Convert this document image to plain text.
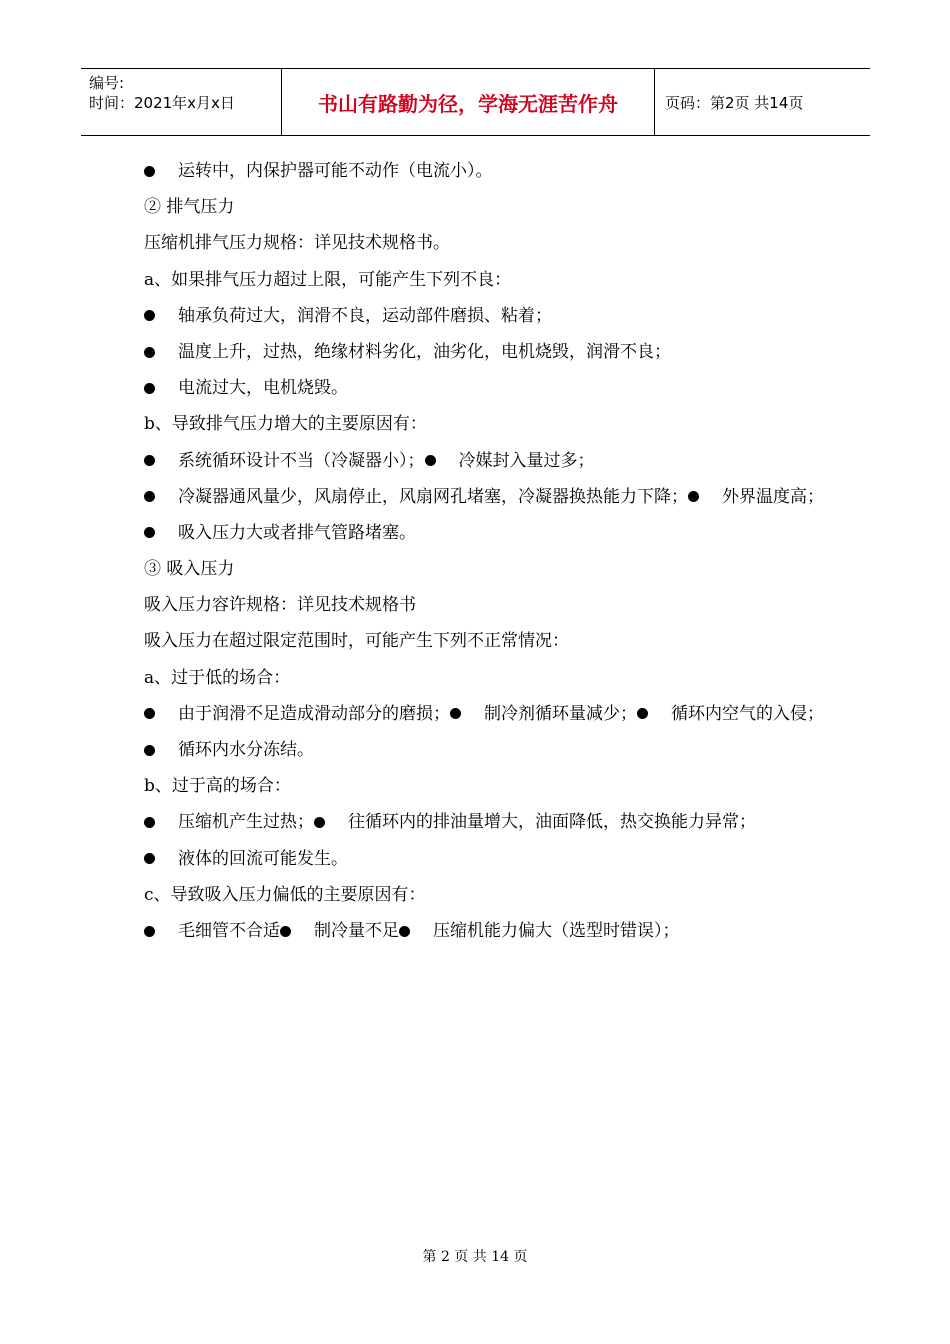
编号:
时间：2021年x月x日	书山有路勤为径，学海无涯苦作舟	页码：第2页 共14页
运转中，内保护器可能不动作（电流小）。
② 排气压力
压缩机排气压力规格：详见技术规格书。
a、如果排气压力超过上限，可能产生下列不良：
轴承负荷过大，润滑不良，运动部件磨损、粘着；
温度上升，过热，绝缘材料劣化，油劣化，电机烧毁，润滑不良；
电流过大，电机烧毁。
b、导致排气压力增大的主要原因有：
系统循环设计不当（冷凝器小）； 冷媒封入量过多；
冷凝器通风量少，风扇停止，风扇网孔堵塞，冷凝器换热能力下降； 外界温度高；
吸入压力大或者排气管路堵塞。
③ 吸入压力
吸入压力容许规格：详见技术规格书
吸入压力在超过限定范围时，可能产生下列不正常情况：
a、过于低的场合：
由于润滑不足造成滑动部分的磨损； 制冷剂循环量减少； 循环内空气的入侵；
循环内水分冻结。
b、过于高的场合：
压缩机产生过热； 往循环内的排油量增大，油面降低，热交换能力异常；
液体的回流可能发生。
c、导致吸入压力偏低的主要原因有：
毛细管不合适 制冷量不足 压缩机能力偏大（选型时错误）；
第 2 页 共 14 页
